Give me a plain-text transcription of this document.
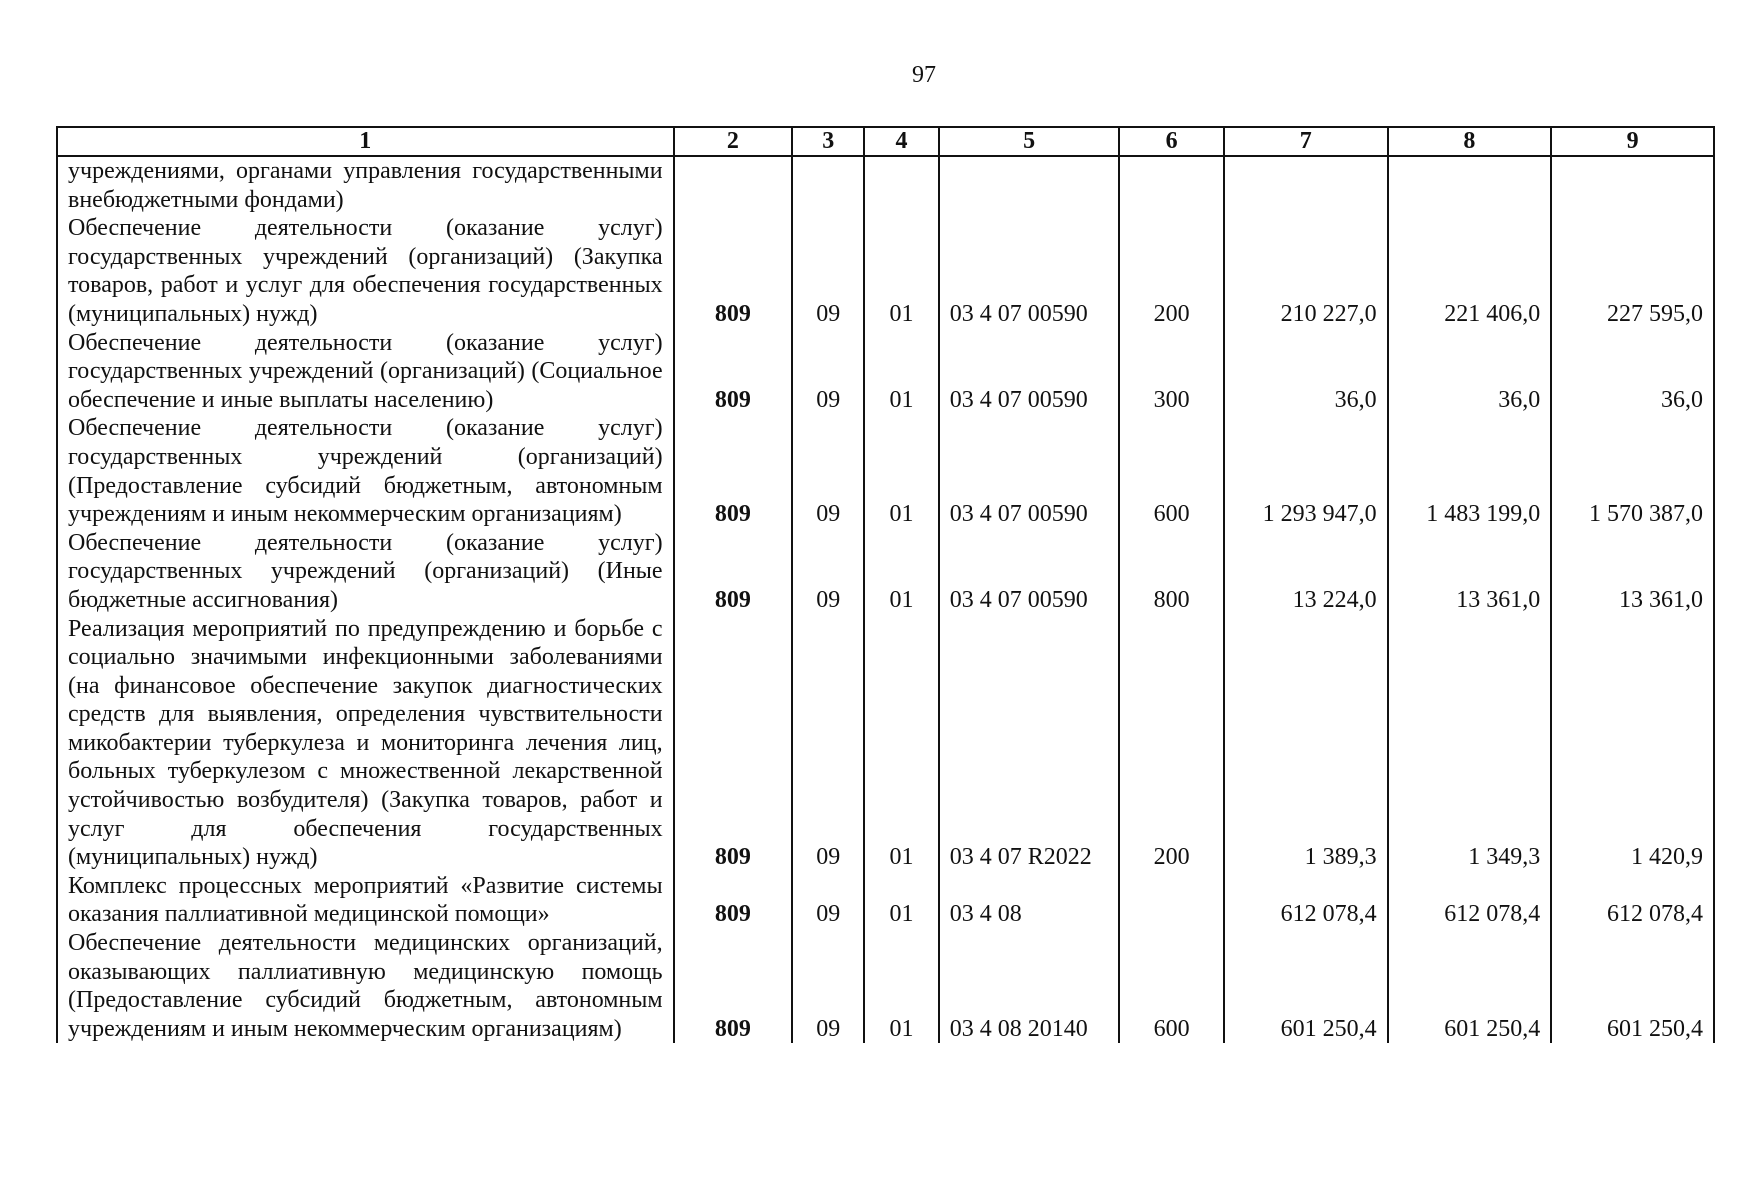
97
1	2	3	4	5	6	7	8	9
учреждениями, органами управления государственными внебюджетными фондами)								
Обеспечение деятельности (оказание услуг) государственных учреждений (организаций) (Закупка товаров, работ и услуг для обеспечения государственных (муниципальных) нужд)	809	09	01	03 4 07 00590	200	210 227,0	221 406,0	227 595,0
Обеспечение деятельности (оказание услуг) государственных учреждений (организаций) (Социальное обеспечение и иные выплаты населению)	809	09	01	03 4 07 00590	300	36,0	36,0	36,0
Обеспечение деятельности (оказание услуг) государственных учреждений (организаций) (Предоставление субсидий бюджетным, автономным учреждениям и иным некоммерческим организациям)	809	09	01	03 4 07 00590	600	1 293 947,0	1 483 199,0	1 570 387,0
Обеспечение деятельности (оказание услуг) государственных учреждений (организаций) (Иные бюджетные ассигнования)	809	09	01	03 4 07 00590	800	13 224,0	13 361,0	13 361,0
Реализация мероприятий по предупреждению и борьбе с социально значимыми инфекционными заболеваниями (на финансовое обеспечение закупок диагностических средств для выявления, определения чувствительности микобактерии туберкулеза и мониторинга лечения лиц, больных туберкулезом с множественной лекарственной устойчивостью возбудителя) (Закупка товаров, работ и услуг для обеспечения государственных (муниципальных) нужд)	809	09	01	03 4 07 R2022	200	1 389,3	1 349,3	1 420,9
Комплекс процессных мероприятий «Развитие системы оказания паллиативной медицинской помощи»	809	09	01	03 4 08		612 078,4	612 078,4	612 078,4
Обеспечение деятельности медицинских организаций, оказывающих паллиативную медицинскую помощь (Предоставление субсидий бюджетным, автономным учреждениям и иным некоммерческим организациям)	809	09	01	03 4 08 20140	600	601 250,4	601 250,4	601 250,4
